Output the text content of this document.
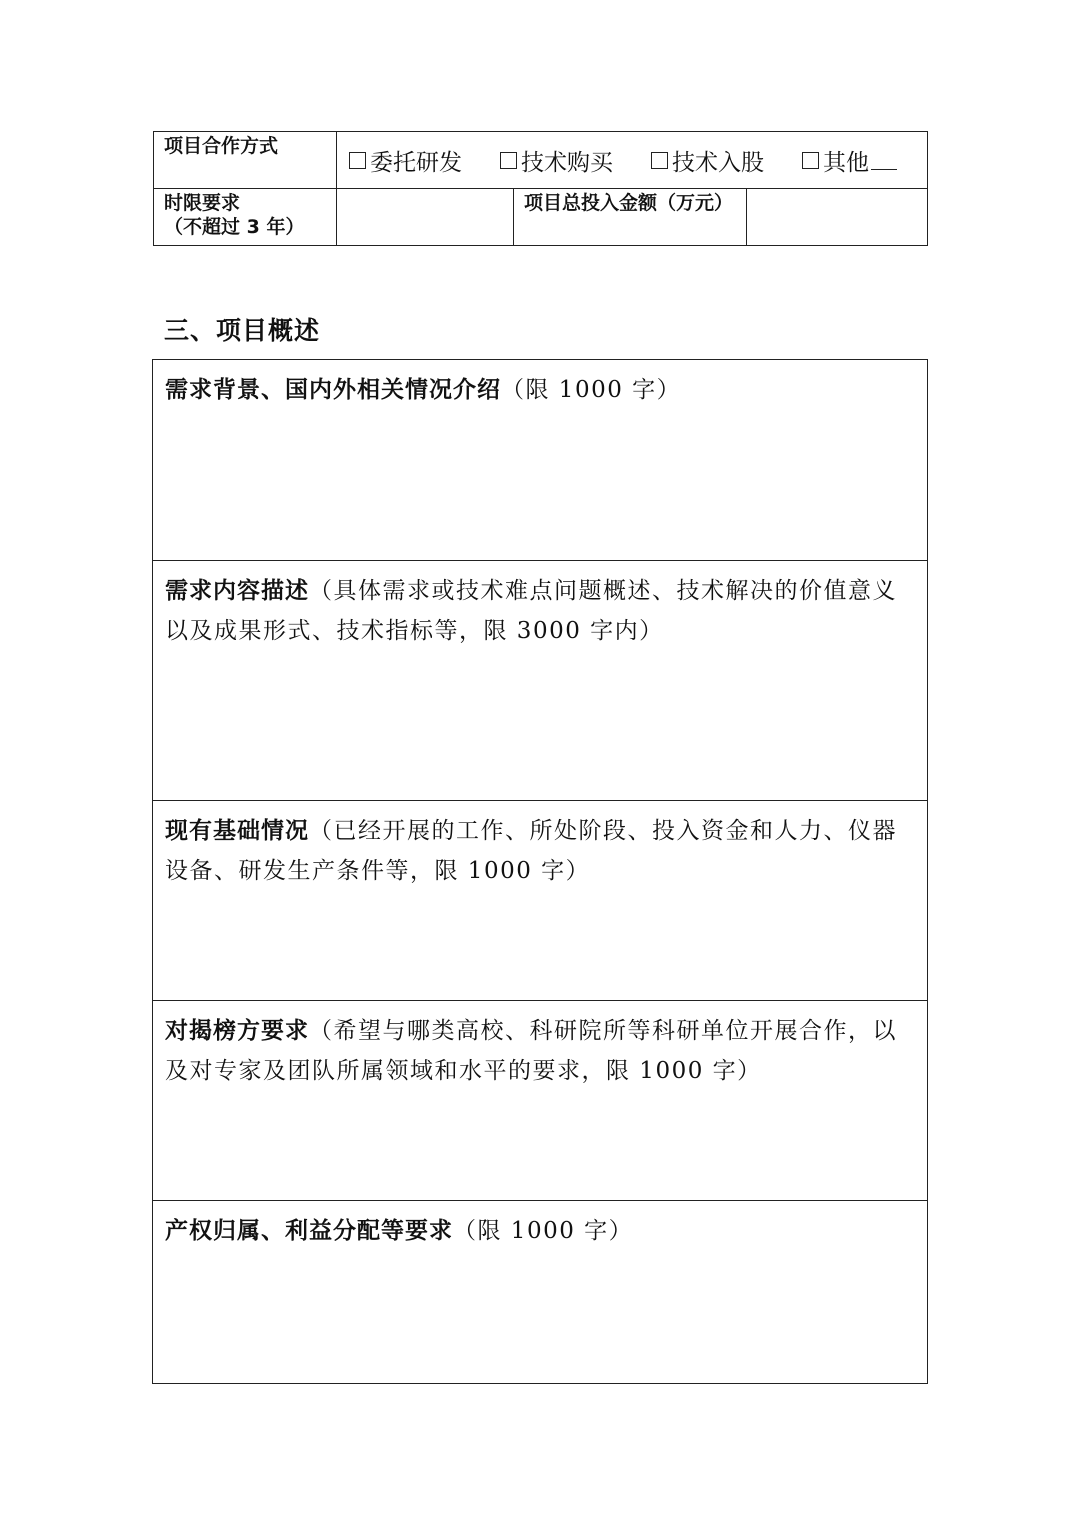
项目合作方式	委托研发 技术购买 技术入股 其他		

时限要求
（不超过 3 年）		项目总投入金额（万元）	
三、项目概述
需求背景、国内外相关情况介绍（限 1000 字）
需求内容描述（具体需求或技术难点问题概述、技术解决的价值意义以及成果形式、技术指标等，限 3000 字内）
现有基础情况（已经开展的工作、所处阶段、投入资金和人力、仪器设备、研发生产条件等，限 1000 字）
对揭榜方要求（希望与哪类高校、科研院所等科研单位开展合作，以及对专家及团队所属领域和水平的要求，限 1000 字）
产权归属、利益分配等要求（限 1000 字）
